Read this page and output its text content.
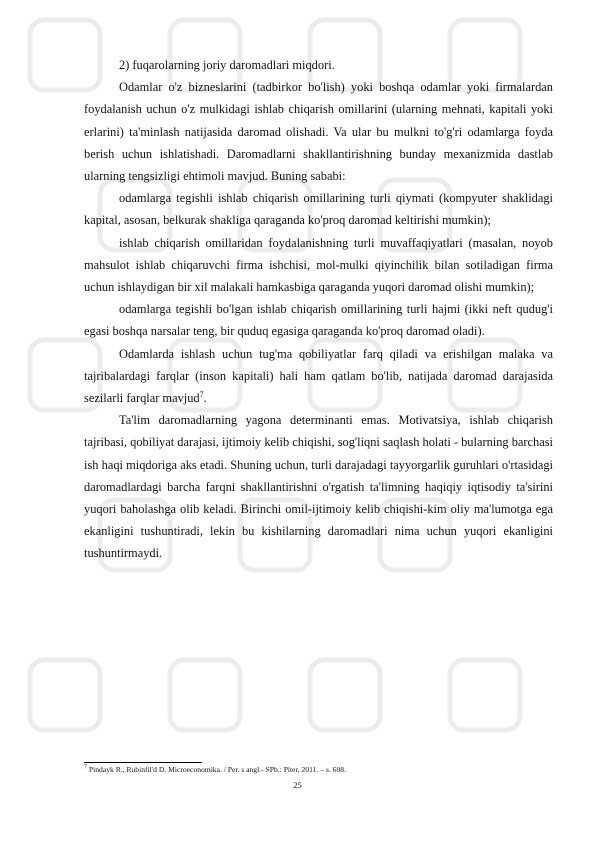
2) fuqarolarning joriy daromadlari miqdori.

Odamlar o'z bizneslarini (tadbirkor bo'lish) yoki boshqa odamlar yoki firmalardan foydalanish uchun o'z mulkidagi ishlab chiqarish omillarini (ularning mehnati, kapitali yoki erlarini) ta'minlash natijasida daromad olishadi. Va ular bu mulkni to'g'ri odamlarga foyda berish uchun ishlatishadi. Daromadlarni shakllantirishning bunday mexanizmida dastlab ularning tengsizligi ehtimoli mavjud. Buning sababi:

odamlarga tegishli ishlab chiqarish omillarining turli qiymati (kompyuter shaklidagi kapital, asosan, belkurak shakliga qaraganda ko'proq daromad keltirishi mumkin);

ishlab chiqarish omillaridan foydalanishning turli muvaffaqiyatlari (masalan, noyob mahsulot ishlab chiqaruvchi firma ishchisi, mol-mulki qiyinchilik bilan sotiladigan firma uchun ishlaydigan bir xil malakali hamkasbiga qaraganda yuqori daromad olishi mumkin);

odamlarga tegishli bo'lgan ishlab chiqarish omillarining turli hajmi (ikki neft qudug'i egasi boshqa narsalar teng, bir quduq egasiga qaraganda ko'proq daromad oladi).

Odamlarda ishlash uchun tug'ma qobiliyatlar farq qiladi va erishilgan malaka va tajribalardagi farqlar (inson kapitali) hali ham qatlam bo'lib, natijada daromad darajasida sezilarli farqlar mavjud$^7$.

Ta'lim daromadlarning yagona determinanti emas. Motivatsiya, ishlab chiqarish tajribasi, qobiliyat darajasi, ijtimoiy kelib chiqishi, sog'liqni saqlash holati - bularning barchasi ish haqi miqdoriga aks etadi. Shuning uchun, turli darajadagi tayyorgarlik guruhlari o'rtasidagi daromadlardagi barcha farqni shakllantirishni o'rgatish ta'limning haqiqiy iqtisodiy ta'sirini yuqori baholashga olib keladi. Birinchi omil-ijtimoiy kelib chiqishi-kim oliy ma'lumotga ega ekanligini tushuntiradi, lekin bu kishilarning daromadlari nima uchun yuqori ekanligini tushuntirmaydi.

$^7$ Pindayk R., Rubinfil'd D. Microeconomika. / Per. s angl.- SPb.: Piter, 2011. – s. 608.
25
